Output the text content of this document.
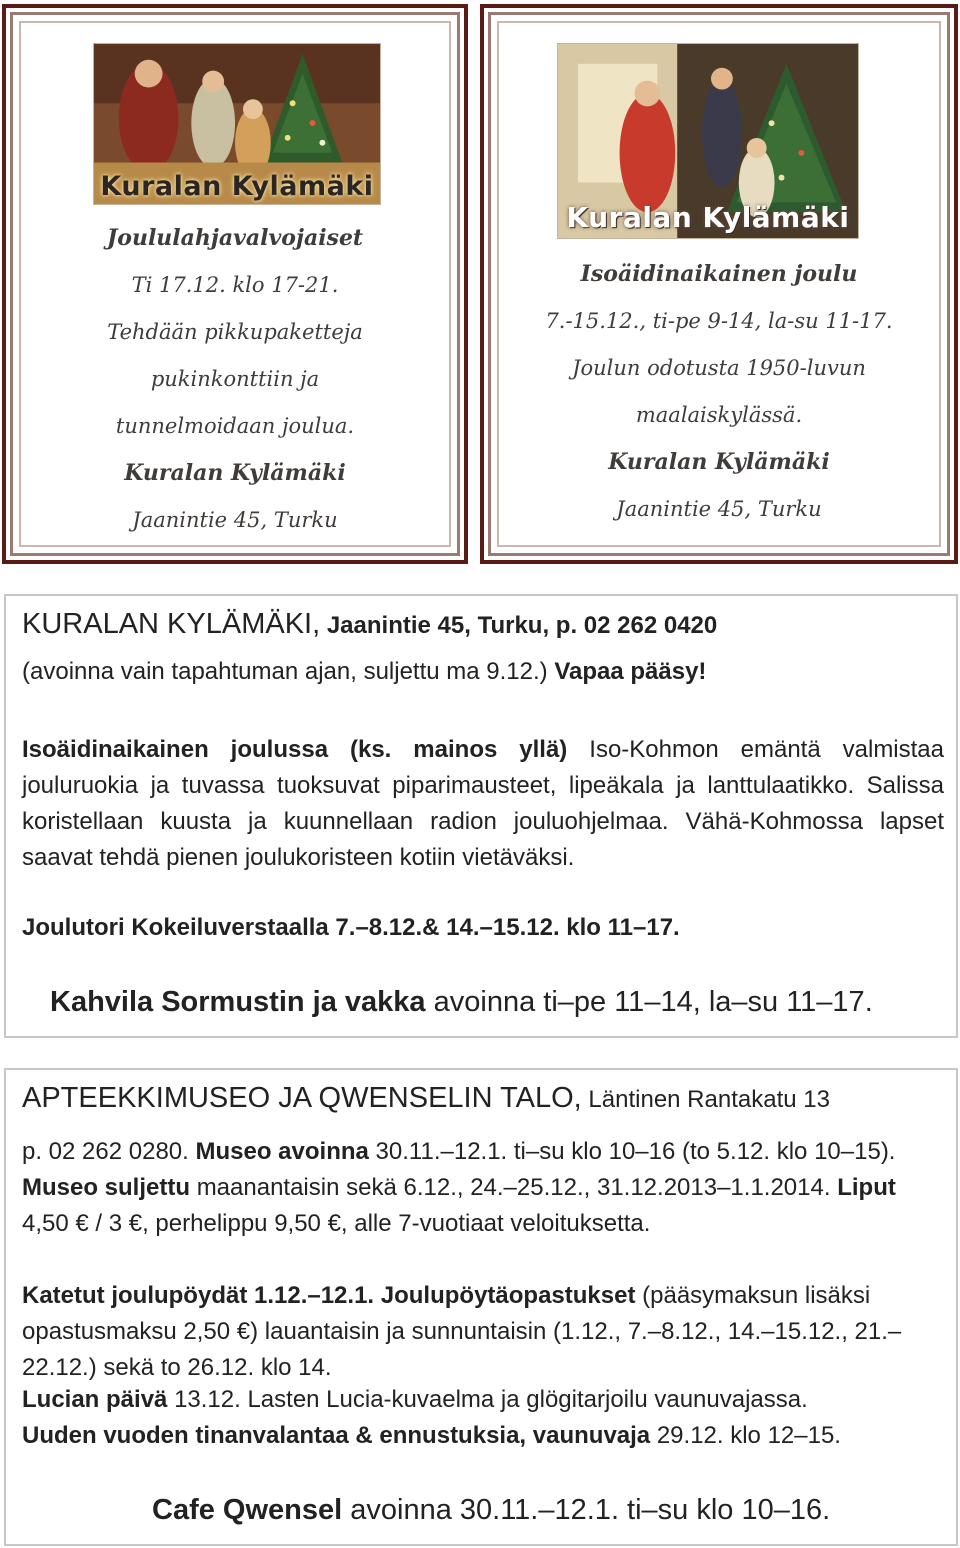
Kuralan Kylämäki
Joululahjavalvojaiset
Ti 17.12. klo 17-21.
Tehdään pikkupaketteja
pukinkonttiin ja
tunnelmoidaan joulua.
Kuralan Kylämäki
Jaanintie 45, Turku
Kuralan Kylämäki
Isoäidinaikainen joulu
7.-15.12., ti-pe 9-14, la-su 11-17.
Joulun odotusta 1950-luvun
maalaiskylässä.
Kuralan Kylämäki
Jaanintie 45, Turku
KURALAN KYLÄMÄKI, Jaanintie 45, Turku, p. 02 262 0420
(avoinna vain tapahtuman ajan, suljettu ma 9.12.) Vapaa pääsy!
Isoäidinaikainen joulussa (ks. mainos yllä) Iso-Kohmon emäntä valmistaa jouluruokia ja tuvassa tuoksuvat piparimausteet, lipeäkala ja lanttulaatikko. Salissa koristellaan kuusta ja kuunnellaan radion jouluohjelmaa. Vähä-Kohmossa lapset saavat tehdä pienen joulukoristeen kotiin vietäväksi.
Joulutori Kokeiluverstaalla 7.–8.12.& 14.–15.12. klo 11–17.
Kahvila Sormustin ja vakka avoinna ti–pe 11–14, la–su 11–17.
APTEEKKIMUSEO JA QWENSELIN TALO, Läntinen Rantakatu 13
p. 02 262 0280. Museo avoinna 30.11.–12.1. ti–su klo 10–16 (to 5.12. klo 10–15). Museo suljettu maanantaisin sekä 6.12., 24.–25.12., 31.12.2013–1.1.2014. Liput 4,50 € / 3 €, perhelippu 9,50 €, alle 7-vuotiaat veloituksetta.
Katetut joulupöydät 1.12.–12.1. Joulupöytäopastukset (pääsymaksun lisäksi opastusmaksu 2,50 €) lauantaisin ja sunnuntaisin (1.12., 7.–8.12., 14.–15.12., 21.–22.12.) sekä to 26.12. klo 14.
Lucian päivä 13.12. Lasten Lucia-kuvaelma ja glögitarjoilu vaunuvajassa.
Uuden vuoden tinanvalantaa & ennustuksia, vaunuvaja 29.12. klo 12–15.
Cafe Qwensel avoinna 30.11.–12.1. ti–su klo 10–16.
